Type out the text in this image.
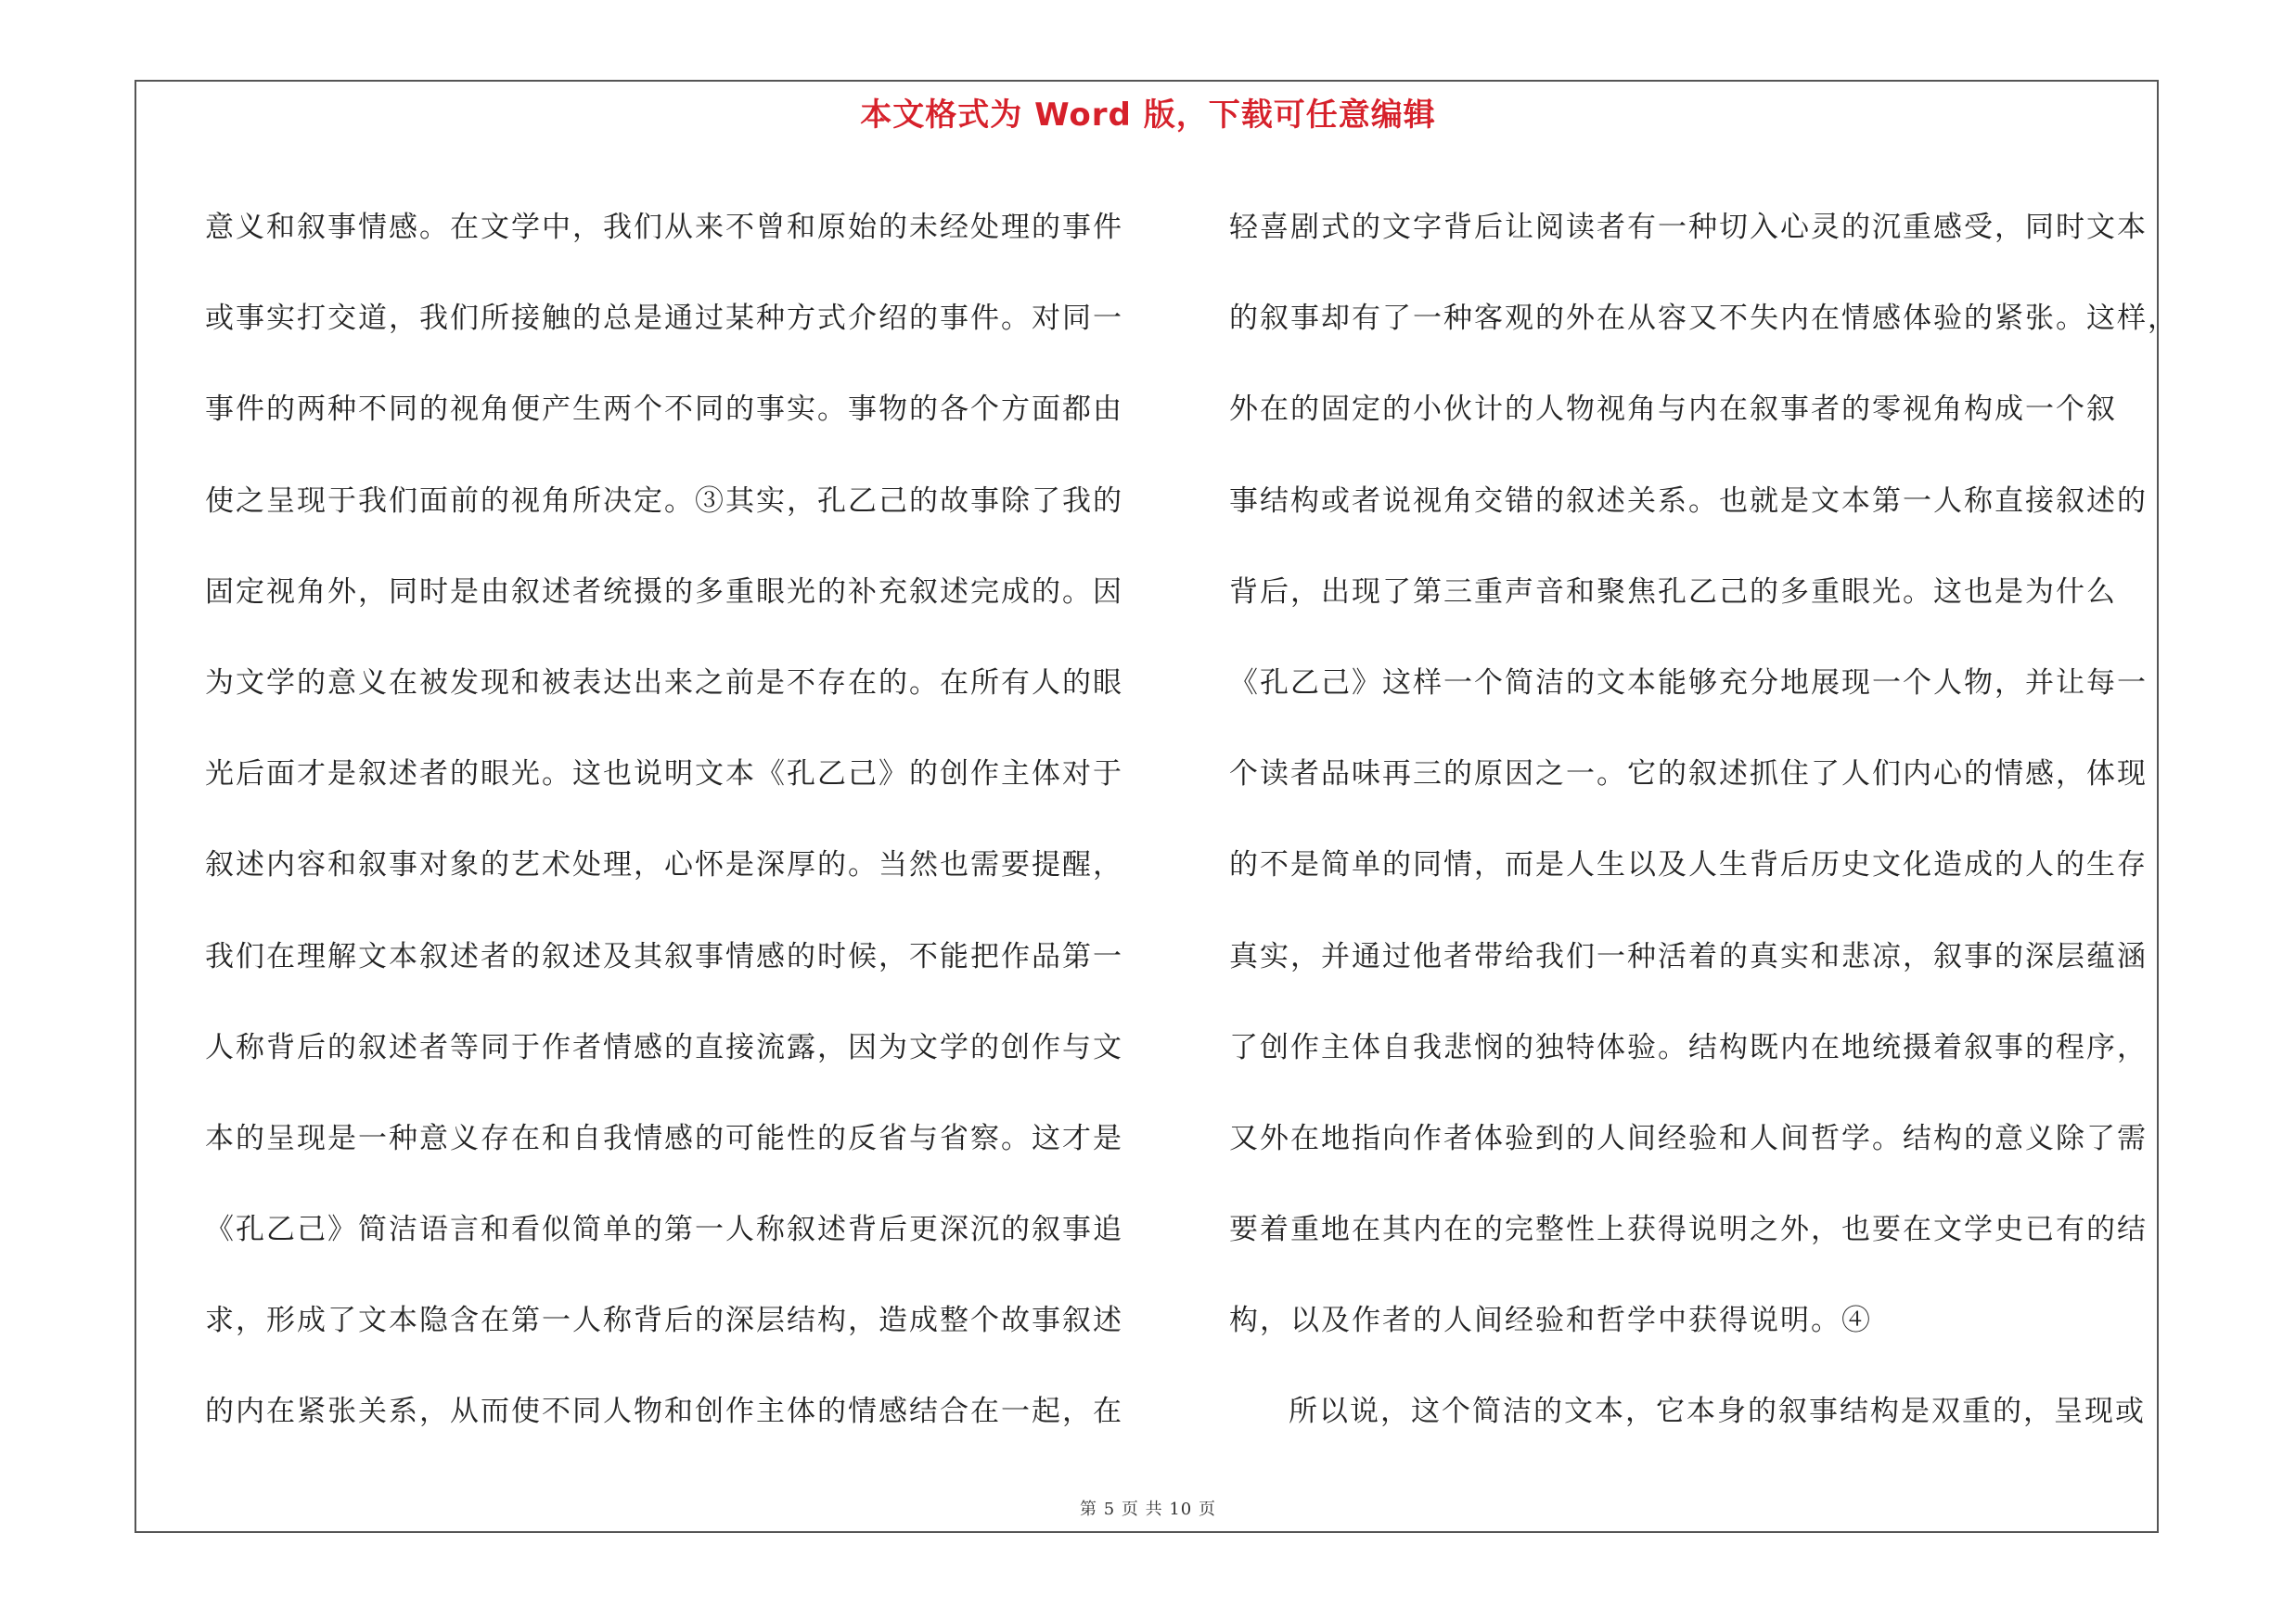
本文格式为 Word 版，下载可任意编辑
意义和叙事情感。在文学中，我们从来不曾和原始的未经处理的事件
或事实打交道，我们所接触的总是通过某种方式介绍的事件。对同一
事件的两种不同的视角便产生两个不同的事实。事物的各个方面都由
使之呈现于我们面前的视角所决定。③其实，孔乙己的故事除了我的
固定视角外，同时是由叙述者统摄的多重眼光的补充叙述完成的。因
为文学的意义在被发现和被表达出来之前是不存在的。在所有人的眼
光后面才是叙述者的眼光。这也说明文本《孔乙己》的创作主体对于
叙述内容和叙事对象的艺术处理，心怀是深厚的。当然也需要提醒，
我们在理解文本叙述者的叙述及其叙事情感的时候，不能把作品第一
人称背后的叙述者等同于作者情感的直接流露，因为文学的创作与文
本的呈现是一种意义存在和自我情感的可能性的反省与省察。这才是
《孔乙己》简洁语言和看似简单的第一人称叙述背后更深沉的叙事追
求，形成了文本隐含在第一人称背后的深层结构，造成整个故事叙述
的内在紧张关系，从而使不同人物和创作主体的情感结合在一起，在
轻喜剧式的文字背后让阅读者有一种切入心灵的沉重感受，同时文本
的叙事却有了一种客观的外在从容又不失内在情感体验的紧张。这样，
外在的固定的小伙计的人物视角与内在叙事者的零视角构成一个叙
事结构或者说视角交错的叙述关系。也就是文本第一人称直接叙述的
背后，出现了第三重声音和聚焦孔乙己的多重眼光。这也是为什么
《孔乙己》这样一个简洁的文本能够充分地展现一个人物，并让每一
个读者品味再三的原因之一。它的叙述抓住了人们内心的情感，体现
的不是简单的同情，而是人生以及人生背后历史文化造成的人的生存
真实，并通过他者带给我们一种活着的真实和悲凉，叙事的深层蕴涵
了创作主体自我悲悯的独特体验。结构既内在地统摄着叙事的程序，
又外在地指向作者体验到的人间经验和人间哲学。结构的意义除了需
要着重地在其内在的完整性上获得说明之外，也要在文学史已有的结
构，以及作者的人间经验和哲学中获得说明。④
所以说，这个简洁的文本，它本身的叙事结构是双重的，呈现或
第 5 页 共 10 页
